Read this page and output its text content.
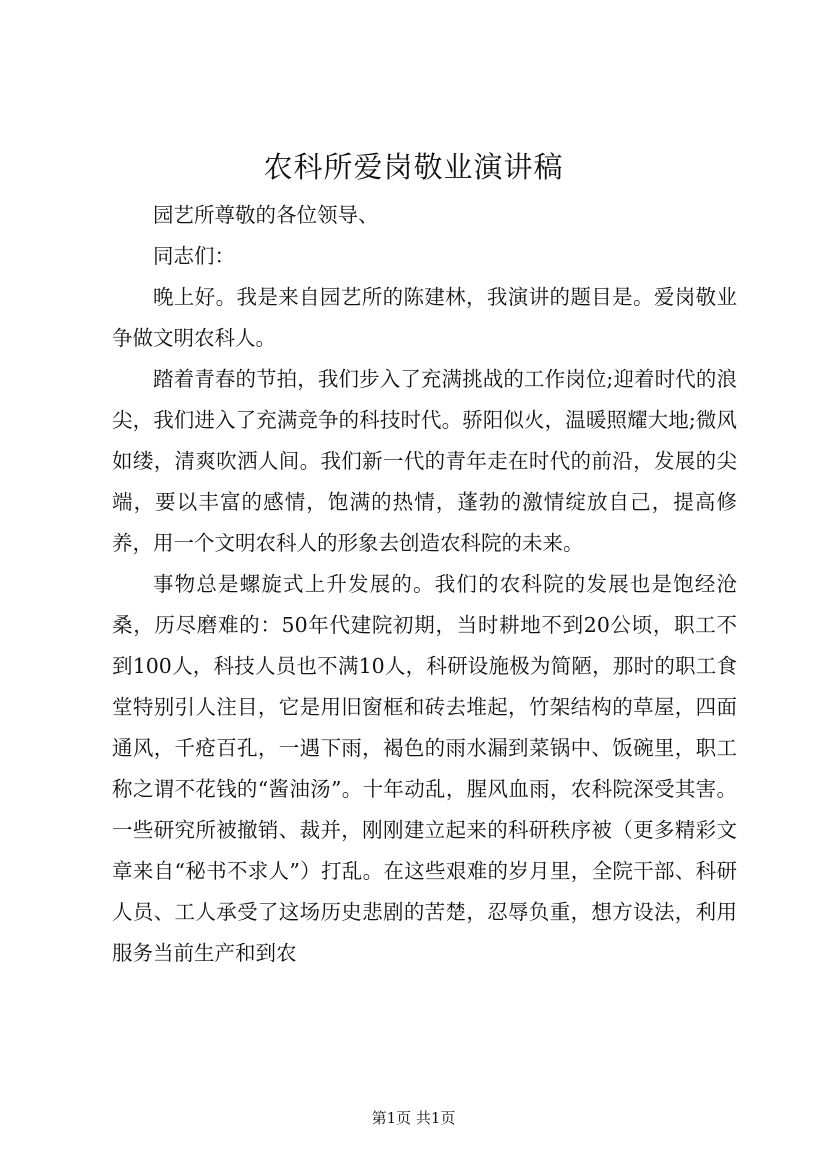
农科所爱岗敬业演讲稿

园艺所尊敬的各位领导、

同志们：

晚上好。我是来自园艺所的陈建林，我演讲的题目是。爱岗敬业争做文明农科人。

踏着青春的节拍，我们步入了充满挑战的工作岗位;迎着时代的浪尖，我们进入了充满竞争的科技时代。骄阳似火，温暖照耀大地;微风如缕，清爽吹洒人间。我们新一代的青年走在时代的前沿，发展的尖端，要以丰富的感情，饱满的热情，蓬勃的激情绽放自己，提高修养，用一个文明农科人的形象去创造农科院的未来。

事物总是螺旋式上升发展的。我们的农科院的发展也是饱经沧桑，历尽磨难的：50年代建院初期，当时耕地不到20公顷，职工不到100人，科技人员也不满10人，科研设施极为简陋，那时的职工食堂特别引人注目，它是用旧窗框和砖去堆起，竹架结构的草屋，四面通风，千疮百孔，一遇下雨，褐色的雨水漏到菜锅中、饭碗里，职工称之谓不花钱的“酱油汤”。十年动乱，腥风血雨，农科院深受其害。一些研究所被撤销、裁并，刚刚建立起来的科研秩序被（更多精彩文章来自“秘书不求人”）打乱。在这些艰难的岁月里，全院干部、科研人员、工人承受了这场历史悲剧的苦楚，忍辱负重，想方设法，利用服务当前生产和到农

第1页 共1页
